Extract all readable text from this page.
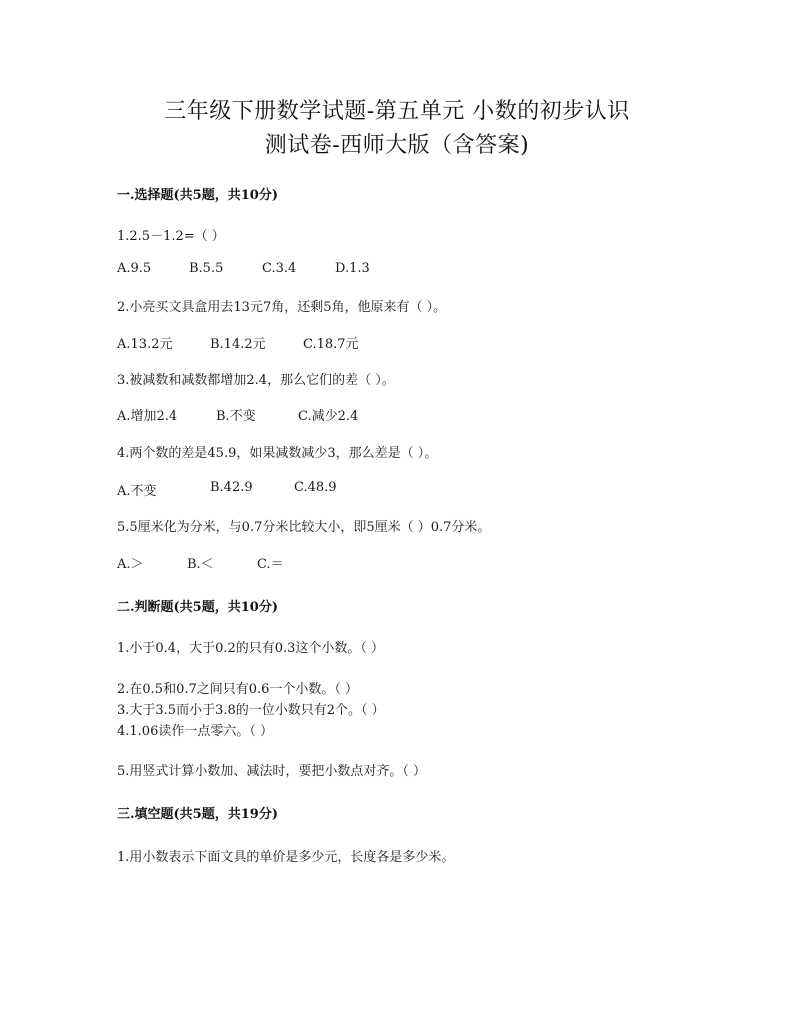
三年级下册数学试题-第五单元 小数的初步认识
测试卷-西师大版（含答案)
一.选择题(共5题，共10分)
1.2.5－1.2=（ ）
A.9.5	B.5.5	C.3.4	D.1.3
2.小亮买文具盒用去13元7角，还剩5角，他原来有（ ）。
A.13.2元	B.14.2元	C.18.7元
3.被减数和减数都增加2.4，那么它们的差（ ）。
A.增加2.4	B.不变	C.减少2.4
4.两个数的差是45.9，如果减数减少3，那么差是（ ）。
A.不变	B.42.9	C.48.9
5.5厘米化为分米，与0.7分米比较大小，即5厘米（ ）0.7分米。
A.＞	B.＜	C.＝
二.判断题(共5题，共10分)
1.小于0.4，大于0.2的只有0.3这个小数。（ ）
2.在0.5和0.7之间只有0.6一个小数。（ ）
3.大于3.5而小于3.8的一位小数只有2个。（ ）
4.1.06读作一点零六。（ ）
5.用竖式计算小数加、减法时，要把小数点对齐。（ ）
三.填空题(共5题，共19分)
1.用小数表示下面文具的单价是多少元，长度各是多少米。
